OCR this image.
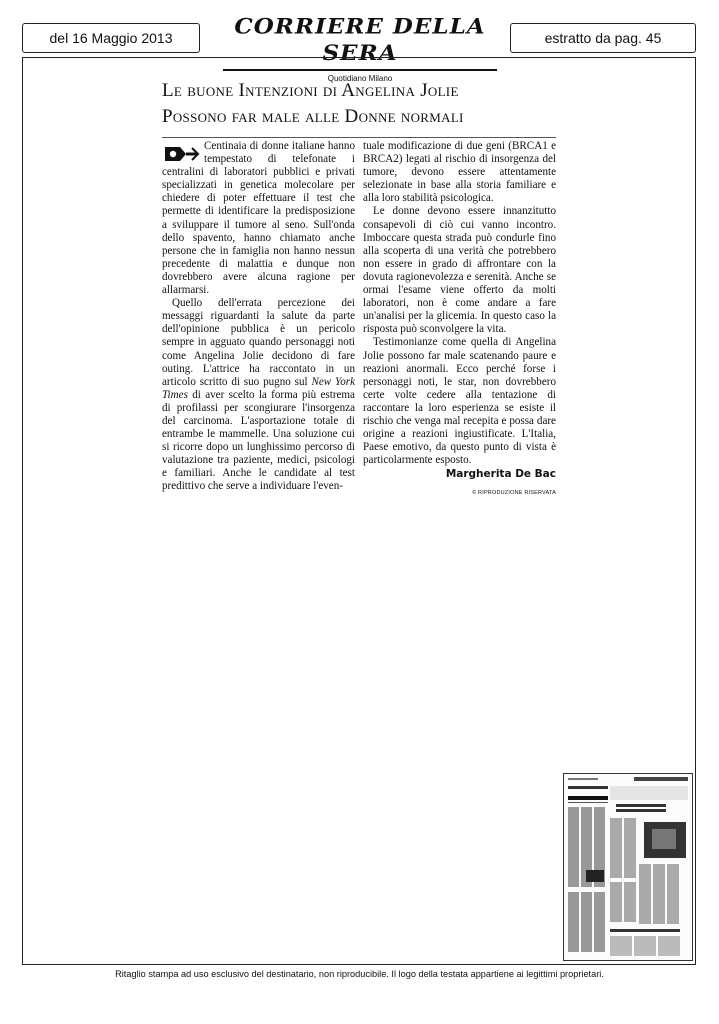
del 16 Maggio 2013	CORRIERE DELLA SERA
Quotidiano Milano
estratto da pag. 45
Le buone Intenzioni di Angelina Jolie
Possono far male alle Donne normali

Centinaia di donne italiane hanno tempestato di telefonate i centralini di laboratori pubblici e privati specializzati in genetica molecolare per chiedere di poter effettuare il test che permette di identificare la predisposizione a sviluppare il tumore al seno. Sull'onda dello spavento, hanno chiamato anche persone che in famiglia non hanno nessun precedente di malattia e dunque non dovrebbero avere alcuna ragione per allarmarsi.

Quello dell'errata percezione dei messaggi riguardanti la salute da parte dell'opinione pubblica è un pericolo sempre in agguato quando personaggi noti come Angelina Jolie decidono di fare outing. L'attrice ha raccontato in un articolo scritto di suo pugno sul New York Times di aver scelto la forma più estrema di profilassi per scongiurare l'insorgenza del carcinoma. L'asportazione totale di entrambe le mammelle. Una soluzione cui si ricorre dopo un lunghissimo percorso di valutazione tra paziente, medici, psicologi e familiari. Anche le candidate al test predittivo che serve a individuare l'even-

tuale modificazione di due geni (BRCA1 e BRCA2) legati al rischio di insorgenza del tumore, devono essere attentamente selezionate in base alla storia familiare e alla loro stabilità psicologica.

Le donne devono essere innanzitutto consapevoli di ciò cui vanno incontro. Imboccare questa strada può condurle fino alla scoperta di una verità che potrebbero non essere in grado di affrontare con la dovuta ragionevolezza e serenità. Anche se ormai l'esame viene offerto da molti laboratori, non è come andare a fare un'analisi per la glicemia. In questo caso la risposta può sconvolgere la vita.

Testimonianze come quella di Angelina Jolie possono far male scatenando paure e reazioni anormali. Ecco perché forse i personaggi noti, le star, non dovrebbero certe volte cedere alla tentazione di raccontare la loro esperienza se esiste il rischio che venga mal recepita e possa dare origine a reazioni ingiustificate. L'Italia, Paese emotivo, da questo punto di vista è particolarmente esposto.

Margherita De Bac
© RIPRODUZIONE RISERVATA
Ritaglio stampa ad uso esclusivo del destinatario, non riproducibile. Il logo della testata appartiene ai legittimi proprietari.
